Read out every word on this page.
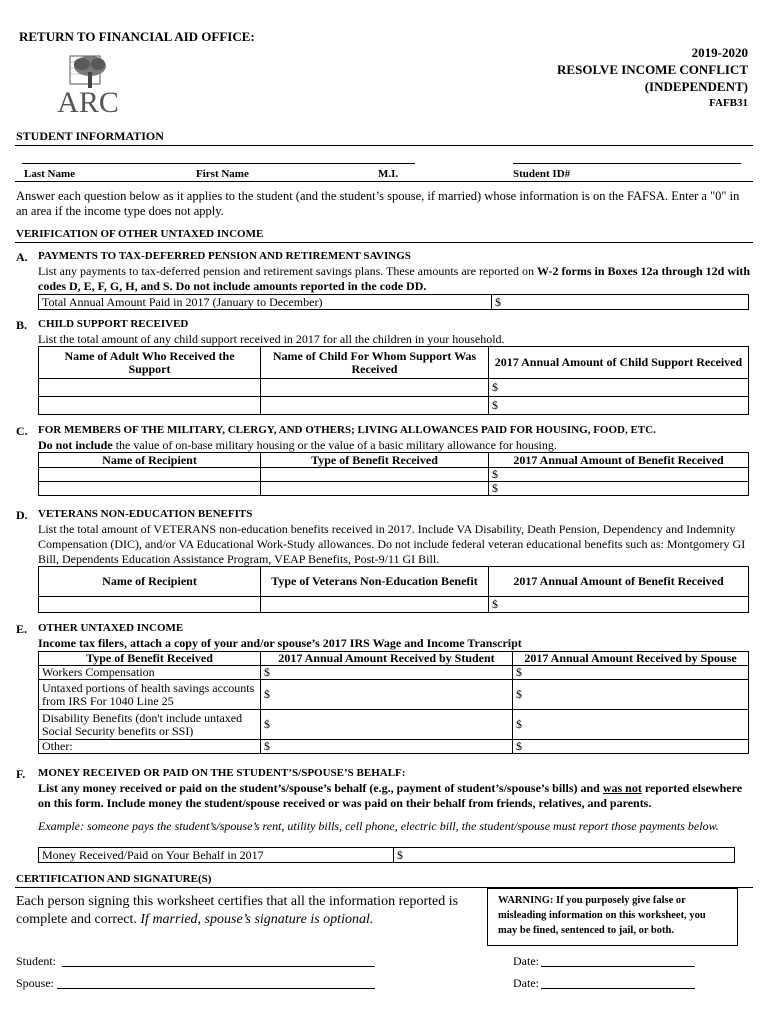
RETURN TO FINANCIAL AID OFFICE:
ARC
2019-2020
RESOLVE INCOME CONFLICT
(INDEPENDENT)
FAFB31
STUDENT INFORMATION
Last Name	First Name	M.I.	Student ID#
Answer each question below as it applies to the student (and the student’s spouse, if married) whose information is on the FAFSA. Enter a "0" in an area if the income type does not apply.
VERIFICATION OF OTHER UNTAXED INCOME
A. PAYMENTS TO TAX-DEFERRED PENSION AND RETIREMENT SAVINGS
List any payments to tax-deferred pension and retirement savings plans. These amounts are reported on W-2 forms in Boxes 12a through 12d with codes D, E, F, G, H, and S. Do not include amounts reported in the code DD.
Total Annual Amount Paid in 2017 (January to December)	$
B. CHILD SUPPORT RECEIVED
List the total amount of any child support received in 2017 for all the children in your household.
Name of Adult Who Received the Support	Name of Child For Whom Support Was Received	2017 Annual Amount of Child Support Received
		$
		$
C. FOR MEMBERS OF THE MILITARY, CLERGY, AND OTHERS; LIVING ALLOWANCES PAID FOR HOUSING, FOOD, ETC.
Do not include the value of on-base military housing or the value of a basic military allowance for housing.
Name of Recipient	Type of Benefit Received	2017 Annual Amount of Benefit Received
		$
		$
D. VETERANS NON-EDUCATION BENEFITS
List the total amount of VETERANS non-education benefits received in 2017. Include VA Disability, Death Pension, Dependency and Indemnity Compensation (DIC), and/or VA Educational Work-Study allowances. Do not include federal veteran educational benefits such as: Montgomery GI Bill, Dependents Education Assistance Program, VEAP Benefits, Post-9/11 GI Bill.
Name of Recipient	Type of Veterans Non-Education Benefit	2017 Annual Amount of Benefit Received
		$
E. OTHER UNTAXED INCOME
Income tax filers, attach a copy of your and/or spouse’s 2017 IRS Wage and Income Transcript
Type of Benefit Received	2017 Annual Amount Received by Student	2017 Annual Amount Received by Spouse
Workers Compensation	$	$
Untaxed portions of health savings accounts from IRS For 1040 Line 25	$	$
Disability Benefits (don't include untaxed Social Security benefits or SSI)	$	$
Other:	$	$
F. MONEY RECEIVED OR PAID ON THE STUDENT’S/SPOUSE’S BEHALF:
List any money received or paid on the student’s/spouse’s behalf (e.g., payment of student’s/spouse’s bills) and was not reported elsewhere on this form. Include money the student/spouse received or was paid on their behalf from friends, relatives, and parents.
Example: someone pays the student’s/spouse’s rent, utility bills, cell phone, electric bill, the student/spouse must report those payments below.
Money Received/Paid on Your Behalf in 2017	$
CERTIFICATION AND SIGNATURE(S)
Each person signing this worksheet certifies that all the information reported is complete and correct. If married, spouse’s signature is optional.
WARNING: If you purposely give false or misleading information on this worksheet, you may be fined, sentenced to jail, or both.
Student:	Date:
Spouse:	Date:
